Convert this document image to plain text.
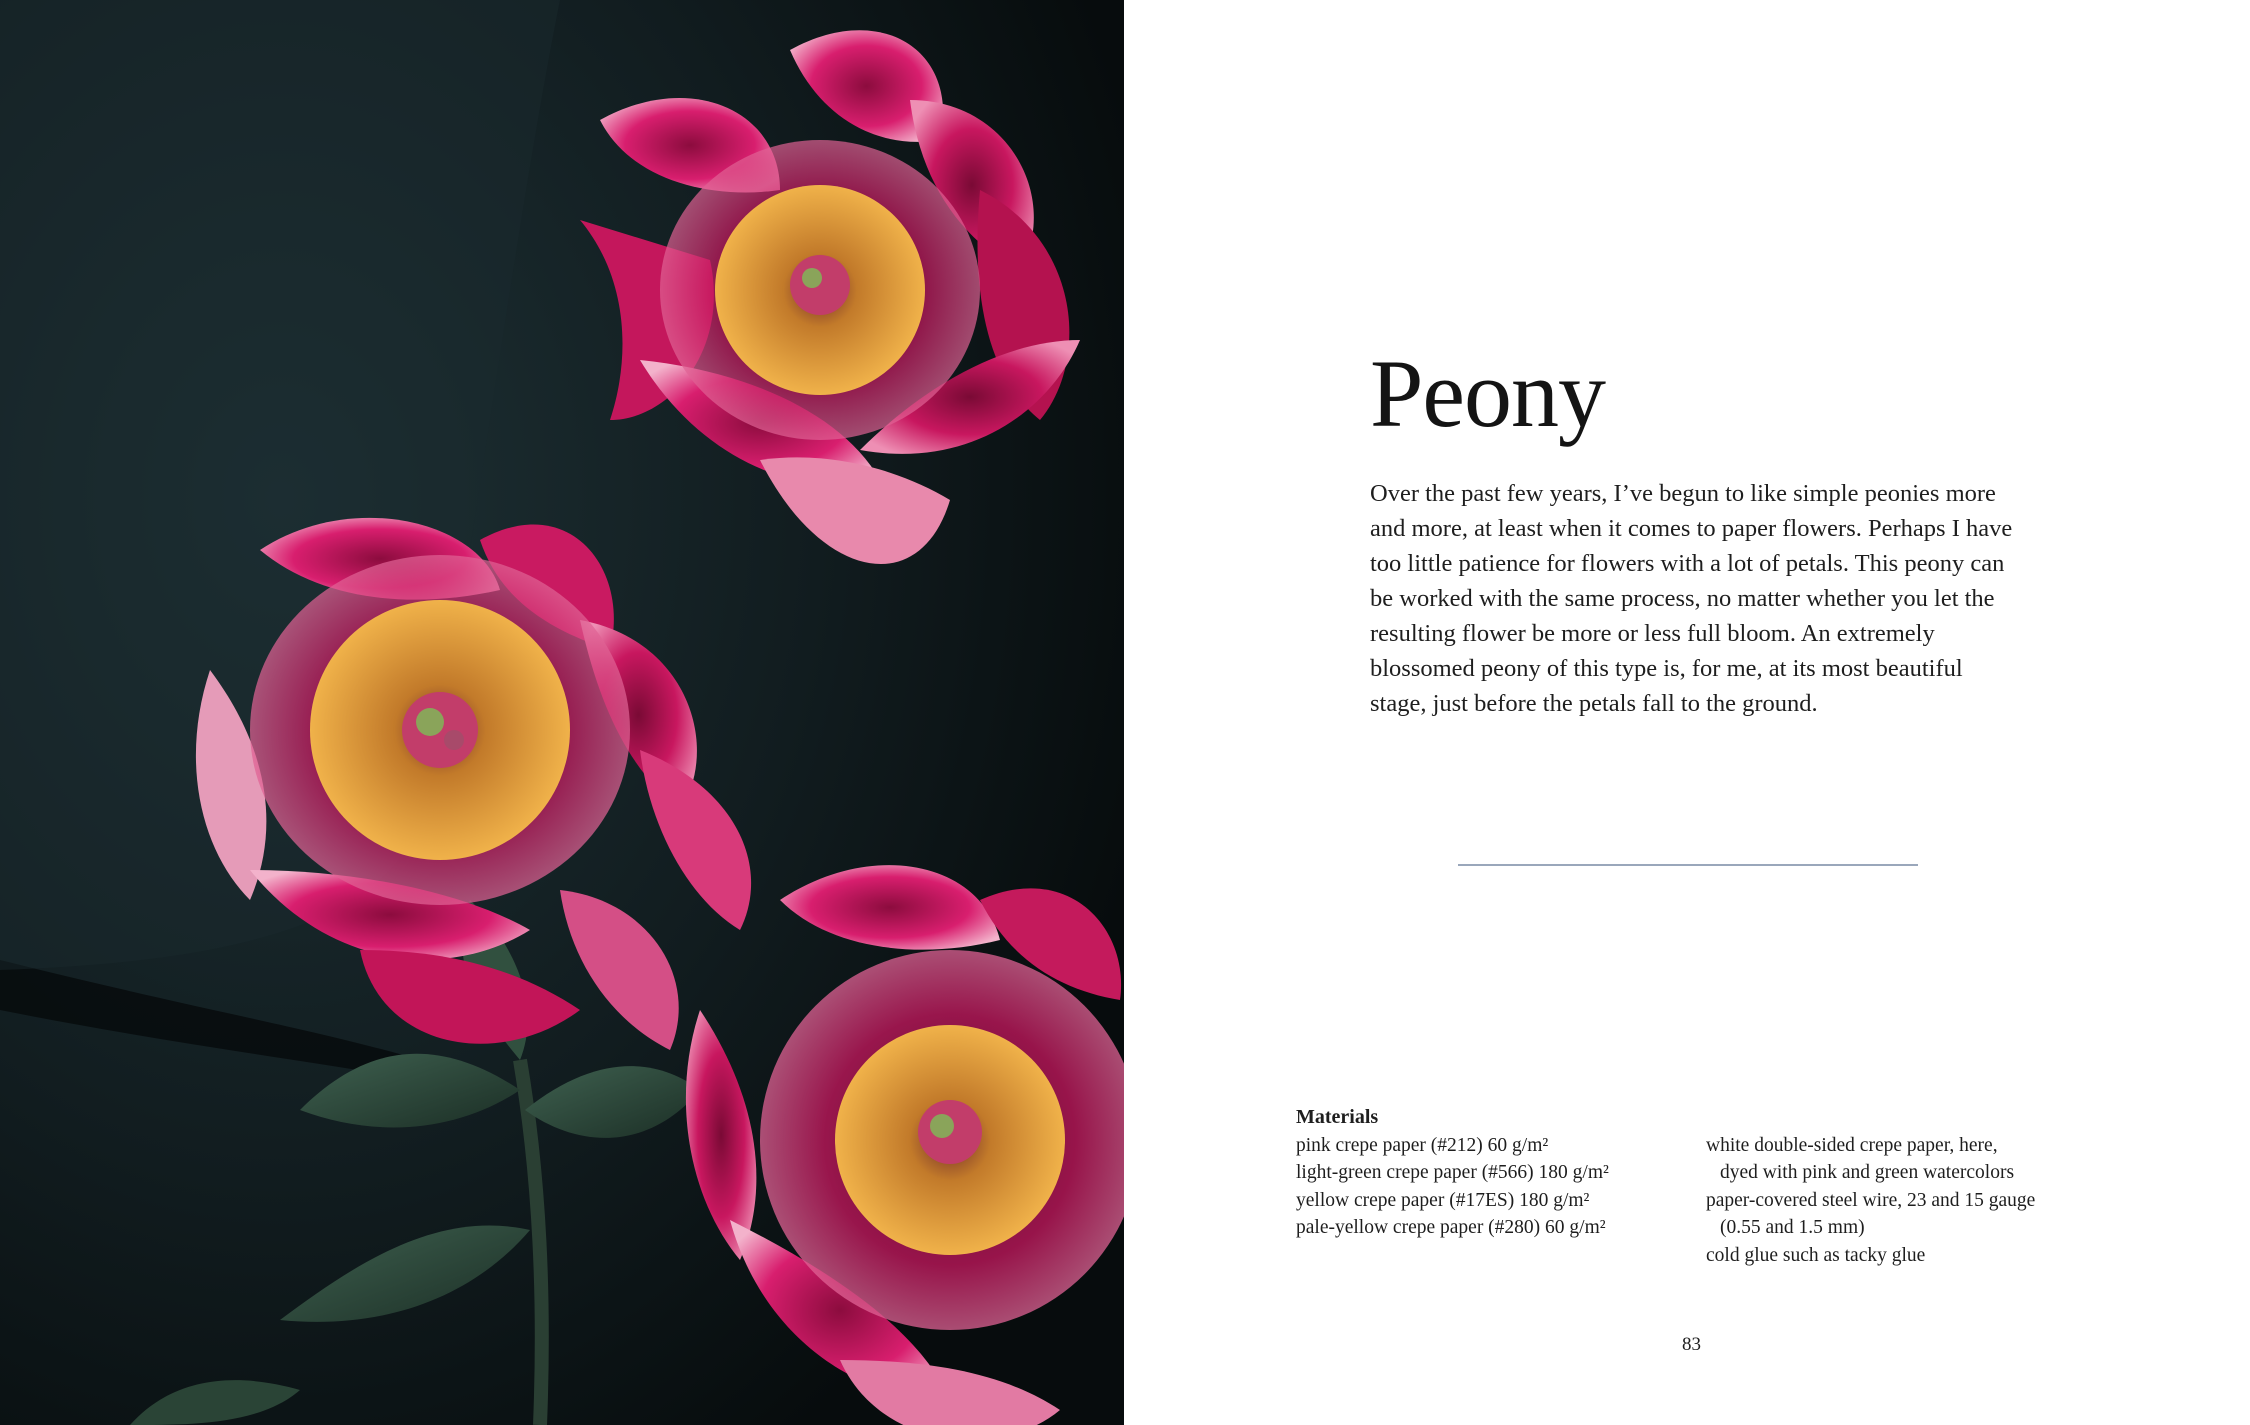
Peony

Over the past few years, I’ve begun to like simple peonies more and more, at least when it comes to paper flowers. Perhaps I have too little patience for flowers with a lot of petals. This peony can be worked with the same process, no matter whether you let the resulting flower be more or less full bloom. An extremely blossomed peony of this type is, for me, at its most beautiful stage, just before the petals fall to the ground.

Materials

pink crepe paper (#212) 60 g/m²
light-green crepe paper (#566) 180 g/m²
yellow crepe paper (#17ES) 180 g/m²
pale-yellow crepe paper (#280) 60 g/m²
white double-sided crepe paper, here,
dyed with pink and green watercolors
paper-covered steel wire, 23 and 15 gauge
(0.55 and 1.5 mm)
cold glue such as tacky glue
83
